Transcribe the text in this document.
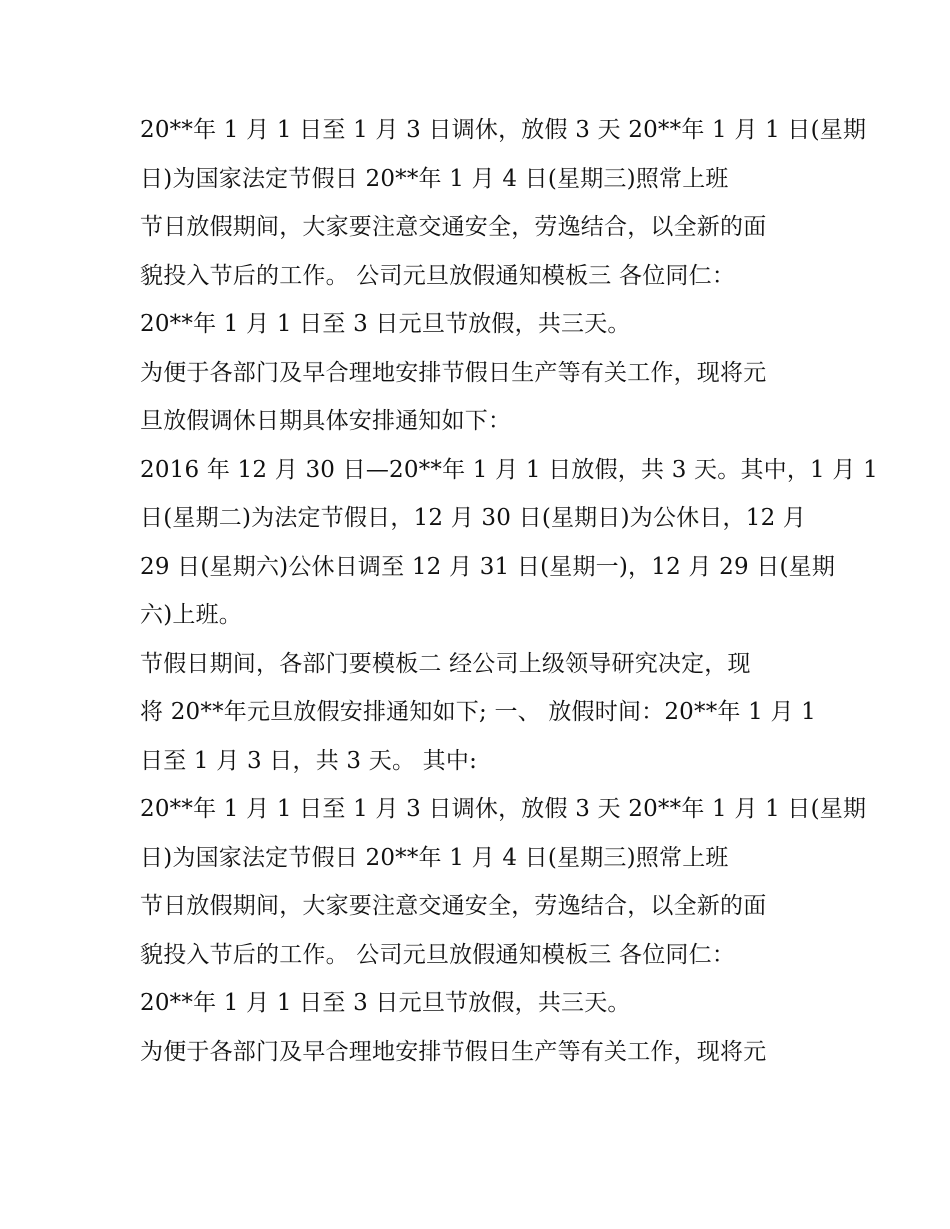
20**年 1 月 1 日至 1 月 3 日调休，放假 3 天 20**年 1 月 1 日(星期
日)为国家法定节假日 20**年 1 月 4 日(星期三)照常上班
节日放假期间，大家要注意交通安全，劳逸结合，以全新的面
貌投入节后的工作。 公司元旦放假通知模板三 各位同仁：
20**年 1 月 1 日至 3 日元旦节放假，共三天。
为便于各部门及早合理地安排节假日生产等有关工作，现将元
旦放假调休日期具体安排通知如下：
2016 年 12 月 30 日—20**年 1 月 1 日放假，共 3 天。其中，1 月 1
日(星期二)为法定节假日，12 月 30 日(星期日)为公休日，12 月
29 日(星期六)公休日调至 12 月 31 日(星期一)，12 月 29 日(星期
六)上班。
节假日期间，各部门要模板二 经公司上级领导研究决定，现
将 20**年元旦放假安排通知如下; 一、 放假时间：20**年 1 月 1
日至 1 月 3 日，共 3 天。 其中:
20**年 1 月 1 日至 1 月 3 日调休，放假 3 天 20**年 1 月 1 日(星期
日)为国家法定节假日 20**年 1 月 4 日(星期三)照常上班
节日放假期间，大家要注意交通安全，劳逸结合，以全新的面
貌投入节后的工作。 公司元旦放假通知模板三 各位同仁：
20**年 1 月 1 日至 3 日元旦节放假，共三天。
为便于各部门及早合理地安排节假日生产等有关工作，现将元
